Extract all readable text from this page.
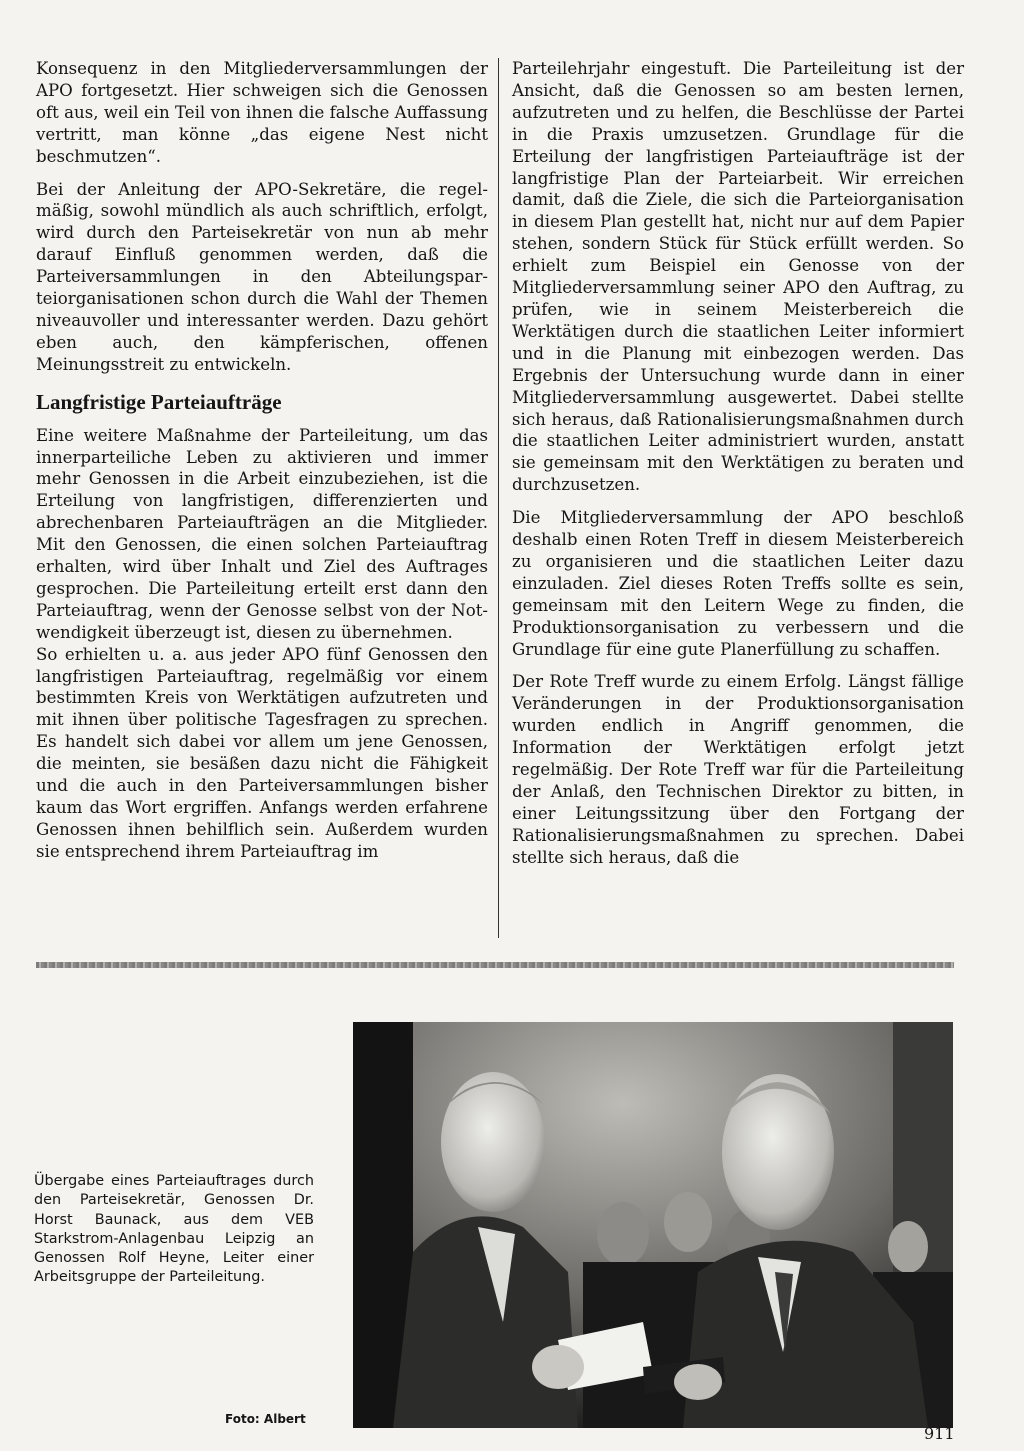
Konsequenz in den Mitgliederversammlungen der APO fortgesetzt. Hier schweigen sich die Genossen oft aus, weil ein Teil von ihnen die falsche Auffassung vertritt, man könne „das eigene Nest nicht beschmutzen“.

Bei der Anleitung der APO-Sekretäre, die regelmäßig, sowohl mündlich als auch schriftlich, erfolgt, wird durch den Parteisekretär von nun ab mehr darauf Einfluß genommen werden, daß die Parteiversammlungen in den Abteilungsparteiorganisationen schon durch die Wahl der Themen niveauvoller und interessanter werden. Dazu gehört eben auch, den kämpferischen, offenen Meinungsstreit zu entwickeln.

Langfristige Parteiaufträge

Eine weitere Maßnahme der Parteileitung, um das innerparteiliche Leben zu aktivieren und immer mehr Genossen in die Arbeit einzubeziehen, ist die Erteilung von langfristigen, differenzierten und abrechenbaren Parteiaufträgen an die Mitglieder. Mit den Genossen, die einen solchen Parteiauftrag erhalten, wird über Inhalt und Ziel des Auftrages gesprochen. Die Parteileitung erteilt erst dann den Parteiauftrag, wenn der Genosse selbst von der Notwendigkeit überzeugt ist, diesen zu übernehmen.

So erhielten u. a. aus jeder APO fünf Genossen den langfristigen Parteiauftrag, regelmäßig vor einem bestimmten Kreis von Werktätigen aufzutreten und mit ihnen über politische Tagesfragen zu sprechen. Es handelt sich dabei vor allem um jene Genossen, die meinten, sie besäßen dazu nicht die Fähigkeit und die auch in den Parteiversammlungen bisher kaum das Wort ergriffen. Anfangs werden erfahrene Genossen ihnen behilflich sein. Außerdem wurden sie entsprechend ihrem Parteiauftrag im

Parteilehrjahr eingestuft. Die Parteileitung ist der Ansicht, daß die Genossen so am besten lernen, aufzutreten und zu helfen, die Beschlüsse der Partei in die Praxis umzusetzen. Grundlage für die Erteilung der langfristigen Parteiaufträge ist der langfristige Plan der Parteiarbeit. Wir erreichen damit, daß die Ziele, die sich die Parteiorganisation in diesem Plan gestellt hat, nicht nur auf dem Papier stehen, sondern Stück für Stück erfüllt werden. So erhielt zum Beispiel ein Genosse von der Mitgliederversammlung seiner APO den Auftrag, zu prüfen, wie in seinem Meisterbereich die Werktätigen durch die staatlichen Leiter informiert und in die Planung mit einbezogen werden. Das Ergebnis der Untersuchung wurde dann in einer Mitgliederversammlung ausgewertet. Dabei stellte sich heraus, daß Rationalisierungsmaßnahmen durch die staatlichen Leiter administriert wurden, anstatt sie gemeinsam mit den Werktätigen zu beraten und durchzusetzen.

Die Mitgliederversammlung der APO beschloß deshalb einen Roten Treff in diesem Meisterbereich zu organisieren und die staatlichen Leiter dazu einzuladen. Ziel dieses Roten Treffs sollte es sein, gemeinsam mit den Leitern Wege zu finden, die Produktionsorganisation zu verbessern und die Grundlage für eine gute Planerfüllung zu schaffen.

Der Rote Treff wurde zu einem Erfolg. Längst fällige Veränderungen in der Produktionsorganisation wurden endlich in Angriff genommen, die Information der Werktätigen erfolgt jetzt regelmäßig. Der Rote Treff war für die Parteileitung der Anlaß, den Technischen Direktor zu bitten, in einer Leitungssitzung über den Fortgang der Rationalisierungsmaßnahmen zu sprechen. Dabei stellte sich heraus, daß die

Übergabe eines Parteiauftrages durch den Parteisekretär, Genossen Dr. Horst Baunack, aus dem VEB Starkstrom-Anlagenbau Leipzig an Genossen Rolf Heyne, Leiter einer Arbeitsgruppe der Parteileitung.
Foto: Albert
911
